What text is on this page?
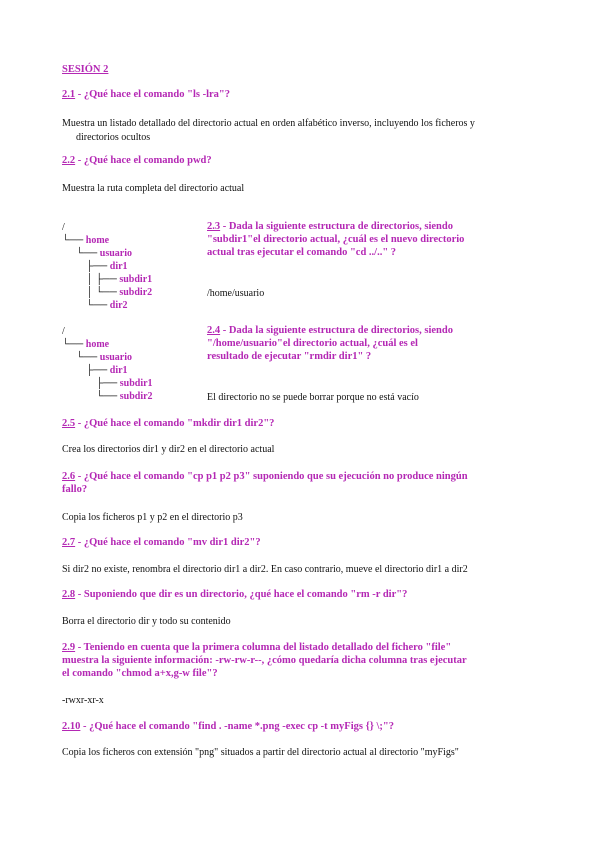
SESIÓN 2
2.1 - ¿Qué hace el comando "ls -lra"?
Muestra un listado detallado del directorio actual en orden alfabético inverso, incluyendo los ficheros y
directorios ocultos
2.2 - ¿Qué hace el comando pwd?
Muestra la ruta completa del directorio actual
/
└── home
└── usuario
├── dir1
│ ├── subdir1
│ └── subdir2
└── dir2
2.3 - Dada la siguiente estructura de directorios, siendo
"subdir1"el directorio actual, ¿cuál es el nuevo directorio
actual tras ejecutar el comando "cd ../.." ?
/home/usuario
/
└── home
└── usuario
├── dir1
├── subdir1
└── subdir2
2.4 - Dada la siguiente estructura de directorios, siendo
"/home/usuario"el directorio actual, ¿cuál es el
resultado de ejecutar "rmdir dir1" ?
El directorio no se puede borrar porque no está vacío
2.5 - ¿Qué hace el comando "mkdir dir1 dir2"?
Crea los directorios dir1 y dir2 en el directorio actual
2.6 - ¿Qué hace el comando "cp p1 p2 p3" suponiendo que su ejecución no produce ningún
fallo?
Copia los ficheros p1 y p2 en el directorio p3
2.7 - ¿Qué hace el comando "mv dir1 dir2"?
Si dir2 no existe, renombra el directorio dir1 a dir2. En caso contrario, mueve el directorio dir1 a dir2
2.8 - Suponiendo que dir es un directorio, ¿qué hace el comando "rm -r dir"?
Borra el directorio dir y todo su contenido
2.9 - Teniendo en cuenta que la primera columna del listado detallado del fichero "file"
muestra la siguiente información: -rw-rw-r--, ¿cómo quedaría dicha columna tras ejecutar
el comando "chmod a+x,g-w file"?
-rwxr-xr-x
2.10 - ¿Qué hace el comando "find . -name *.png -exec cp -t myFigs {} \;"?
Copia los ficheros con extensión "png" situados a partir del directorio actual al directorio "myFigs"
